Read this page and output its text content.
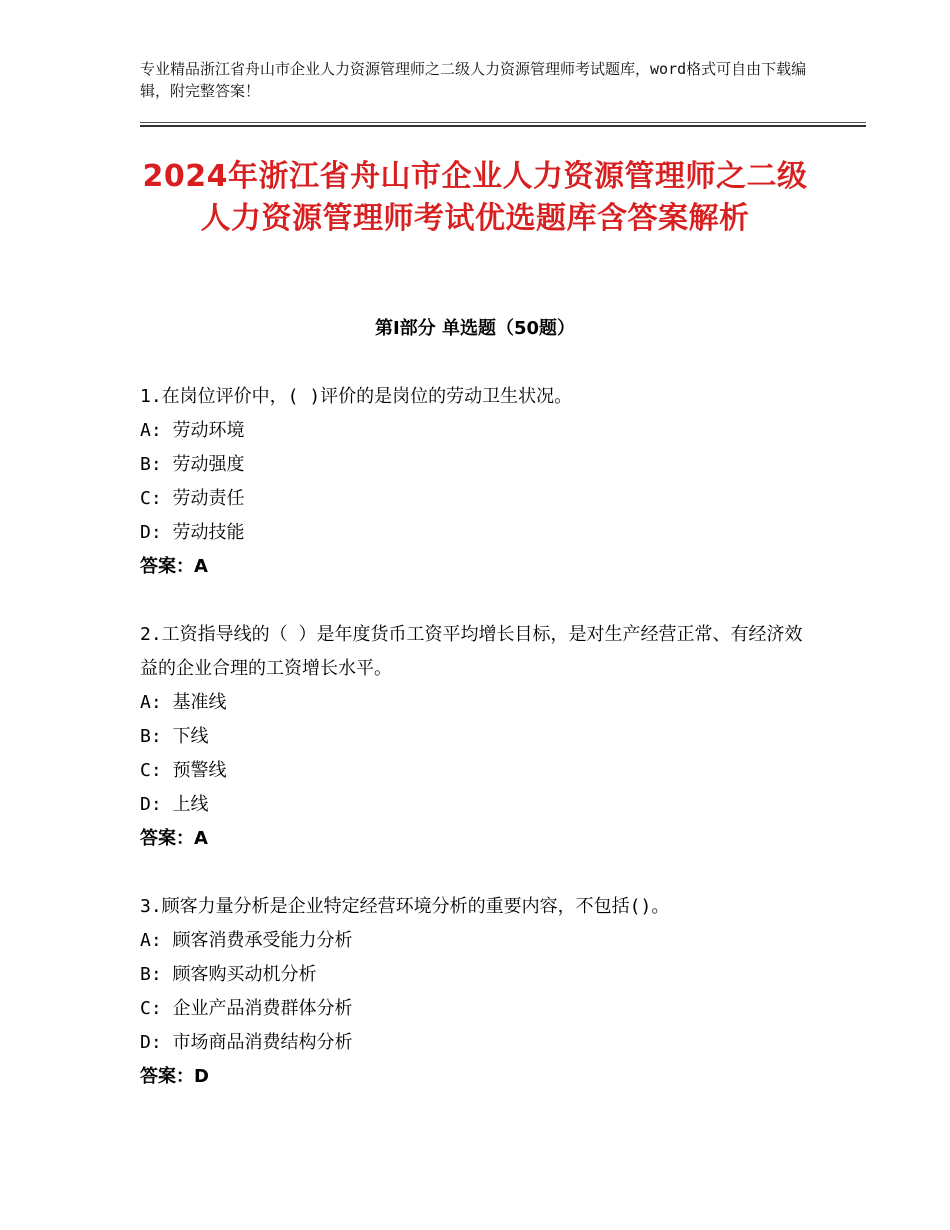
专业精品浙江省舟山市企业人力资源管理师之二级人力资源管理师考试题库，word格式可自由下载编辑，附完整答案！
2024年浙江省舟山市企业人力资源管理师之二级人力资源管理师考试优选题库含答案解析
第Ⅰ部分 单选题（50题）

1.在岗位评价中，( )评价的是岗位的劳动卫生状况。

A: 劳动环境

B: 劳动强度

C: 劳动责任

D: 劳动技能

答案：A

2.工资指导线的（ ）是年度货币工资平均增长目标，是对生产经营正常、有经济效益的企业合理的工资增长水平。

A: 基准线

B: 下线

C: 预警线

D: 上线

答案：A

3.顾客力量分析是企业特定经营环境分析的重要内容，不包括()。

A: 顾客消费承受能力分析

B: 顾客购买动机分析

C: 企业产品消费群体分析

D: 市场商品消费结构分析

答案：D
